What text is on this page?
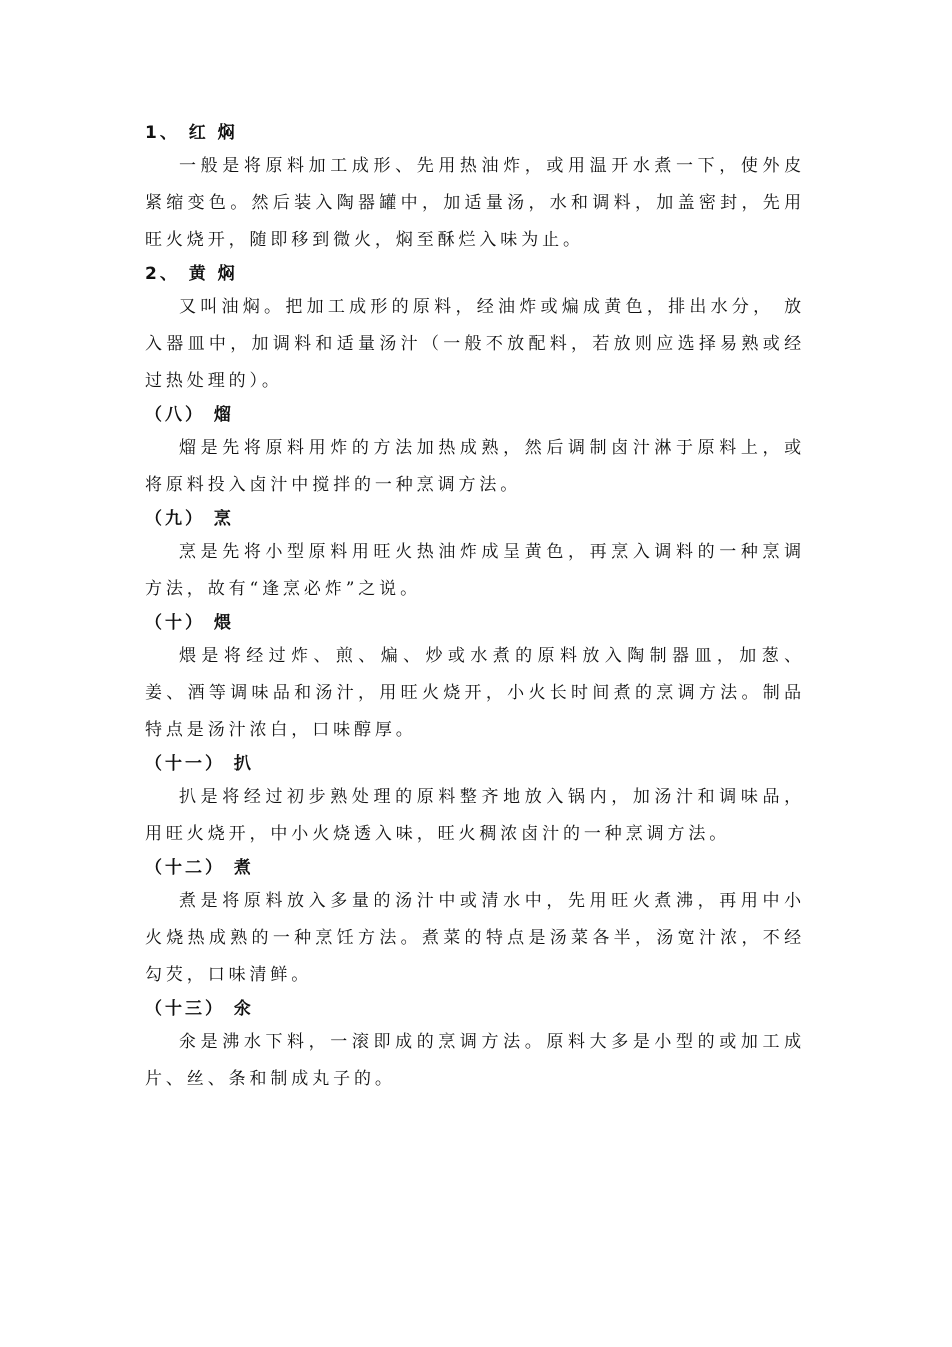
1、 红 焖

一般是将原料加工成形、先用热油炸，或用温开水煮一下，使外皮紧缩变色。然后装入陶器罐中，加适量汤，水和调料，加盖密封，先用旺火烧开，随即移到微火，焖至酥烂入味为止。

2、 黄 焖

又叫油焖。把加工成形的原料，经油炸或煸成黄色，排出水分， 放入器皿中，加调料和适量汤汁（一般不放配料，若放则应选择易熟或经过热处理的）。

（八） 熘

熘是先将原料用炸的方法加热成熟，然后调制卤汁淋于原料上，或将原料投入卤汁中搅拌的一种烹调方法。

（九） 烹

烹是先将小型原料用旺火热油炸成呈黄色，再烹入调料的一种烹调方法，故有“逢烹必炸”之说。

（十） 煨

煨是将经过炸、煎、煸、炒或水煮的原料放入陶制器皿，加葱、姜、酒等调味品和汤汁，用旺火烧开，小火长时间煮的烹调方法。制品特点是汤汁浓白，口味醇厚。

（十一） 扒

扒是将经过初步熟处理的原料整齐地放入锅内，加汤汁和调味品，用旺火烧开，中小火烧透入味，旺火稠浓卤汁的一种烹调方法。

（十二） 煮

煮是将原料放入多量的汤汁中或清水中，先用旺火煮沸，再用中小火烧热成熟的一种烹饪方法。煮菜的特点是汤菜各半，汤宽汁浓，不经勾芡，口味清鲜。

（十三） 氽

氽是沸水下料，一滚即成的烹调方法。原料大多是小型的或加工成片、丝、条和制成丸子的。
